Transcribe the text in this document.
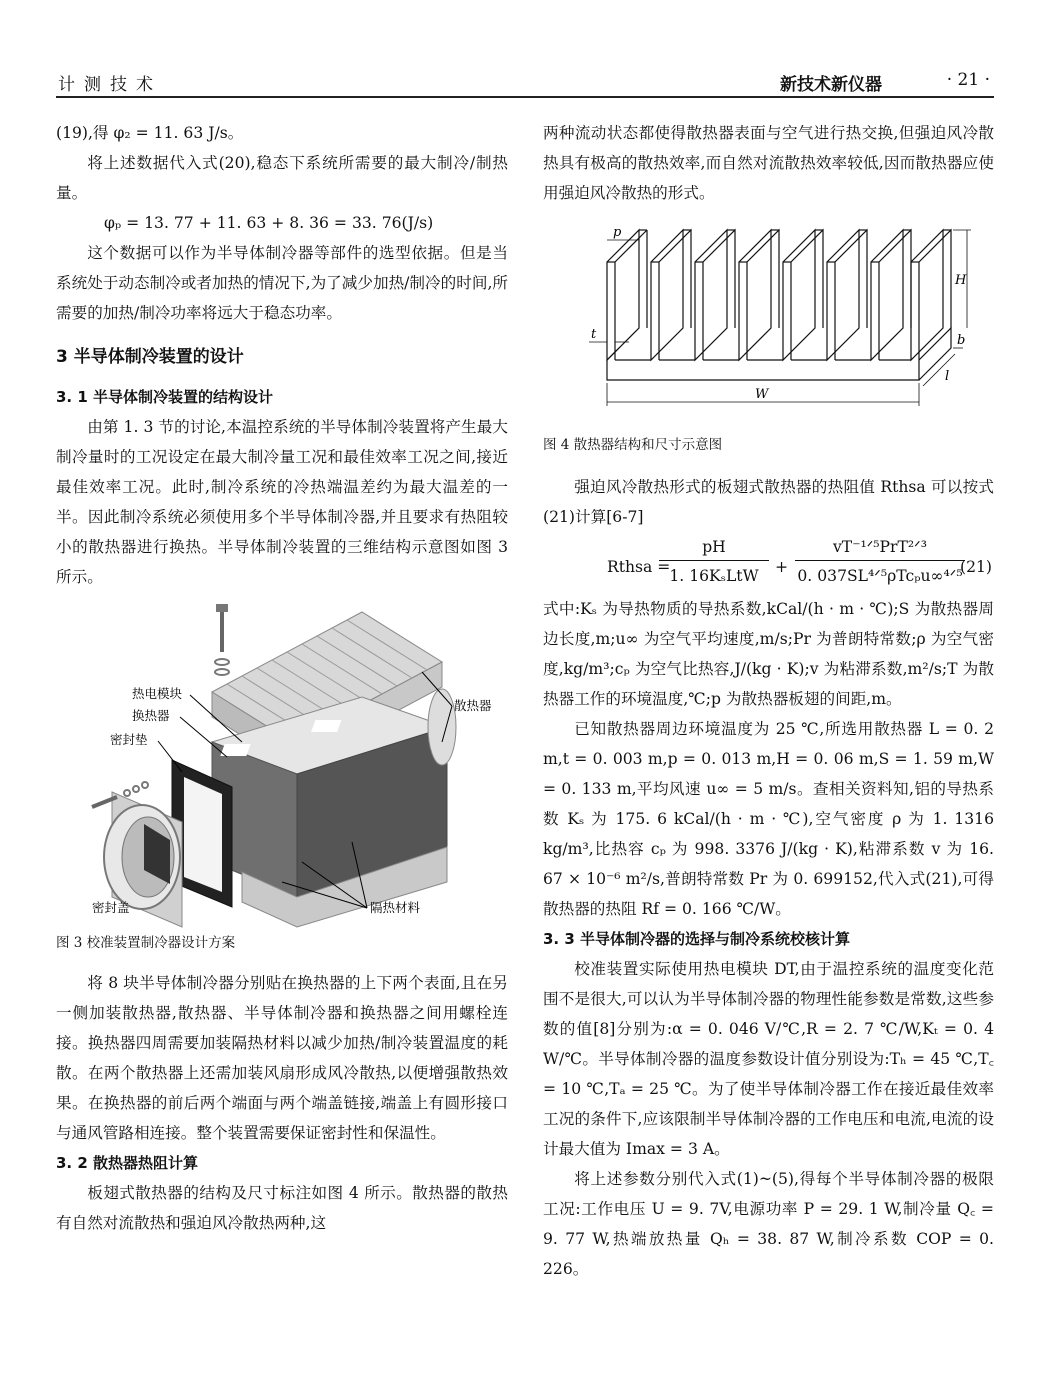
计测技术	新技术新仪器	· 21 ·

(19),得 φ₂ = 11. 63 J/s。

将上述数据代入式(20),稳态下系统所需要的最大制冷/制热量。

φₚ = 13. 77 + 11. 63 + 8. 36 = 33. 76(J/s)

这个数据可以作为半导体制冷器等部件的选型依据。但是当系统处于动态制冷或者加热的情况下,为了减少加热/制冷的时间,所需要的加热/制冷功率将远大于稳态功率。

3 半导体制冷装置的设计
3. 1 半导体制冷装置的结构设计

由第 1. 3 节的讨论,本温控系统的半导体制冷装置将产生最大制冷量时的工况设定在最大制冷量工况和最佳效率工况之间,接近最佳效率工况。此时,制冷系统的冷热端温差约为最大温差的一半。因此制冷系统必须使用多个半导体制冷器,并且要求有热阻较小的散热器进行换热。半导体制冷装置的三维结构示意图如图 3 所示。

热电模块
换热器
密封垫
密封盖
散热器
隔热材料

图 3 校准装置制冷器设计方案

将 8 块半导体制冷器分别贴在换热器的上下两个表面,且在另一侧加装散热器,散热器、半导体制冷器和换热器之间用螺栓连接。换热器四周需要加装隔热材料以减少加热/制冷装置温度的耗散。在两个散热器上还需加装风扇形成风冷散热,以便增强散热效果。在换热器的前后两个端面与两个端盖链接,端盖上有圆形接口与通风管路相连接。整个装置需要保证密封性和保温性。

3. 2 散热器热阻计算

板翅式散热器的结构及尺寸标注如图 4 所示。散热器的散热有自然对流散热和强迫风冷散热两种,这

两种流动状态都使得散热器表面与空气进行热交换,但强迫风冷散热具有极高的散热效率,而自然对流散热效率较低,因而散热器应使用强迫风冷散热的形式。

p
H
t	b
l
W

图 4 散热器结构和尺寸示意图

强迫风冷散热形式的板翅式散热器的热阻值 Rthsa 可以按式(21)计算[6-7]

Rthsa =
pH
1. 16KₛLtW	+
vT⁻¹ᐟ⁵PrT²ᐟ³
0. 037SL⁴ᐟ⁵ρTcₚu∞⁴ᐟ⁵
(21)

式中:Kₛ 为导热物质的导热系数,kCal/(h · m · ℃);S 为散热器周边长度,m;u∞ 为空气平均速度,m/s;Pr 为普朗特常数;ρ 为空气密度,kg/m³;cₚ 为空气比热容,J/(kg · K);v 为粘滞系数,m²/s;T 为散热器工作的环境温度,℃;p 为散热器板翅的间距,m。

已知散热器周边环境温度为 25 ℃,所选用散热器 L = 0. 2 m,t = 0. 003 m,p = 0. 013 m,H = 0. 06 m,S = 1. 59 m,W = 0. 133 m,平均风速 u∞ = 5 m/s。查相关资料知,铝的导热系数 Kₛ 为 175. 6 kCal/(h · m · ℃),空气密度 ρ 为 1. 1316 kg/m³,比热容 cₚ 为 998. 3376 J/(kg · K),粘滞系数 v 为 16. 67 × 10⁻⁶ m²/s,普朗特常数 Pr 为 0. 699152,代入式(21),可得散热器的热阻 Rf = 0. 166 ℃/W。

3. 3 半导体制冷器的选择与制冷系统校核计算

校准装置实际使用热电模块 DT,由于温控系统的温度变化范围不是很大,可以认为半导体制冷器的物理性能参数是常数,这些参数的值[8]分别为:α = 0. 046 V/℃,R = 2. 7 ℃/W,Kₜ = 0. 4 W/℃。半导体制冷器的温度参数设计值分别设为:Tₕ = 45 ℃,T꜀ = 10 ℃,Tₐ = 25 ℃。为了使半导体制冷器工作在接近最佳效率工况的条件下,应该限制半导体制冷器的工作电压和电流,电流的设计最大值为 Imax = 3 A。

将上述参数分别代入式(1)~(5),得每个半导体制冷器的极限工况:工作电压 U = 9. 7V,电源功率 P = 29. 1 W,制冷量 Q꜀ = 9. 77 W,热端放热量 Qₕ = 38. 87 W,制冷系数 COP = 0. 226。
